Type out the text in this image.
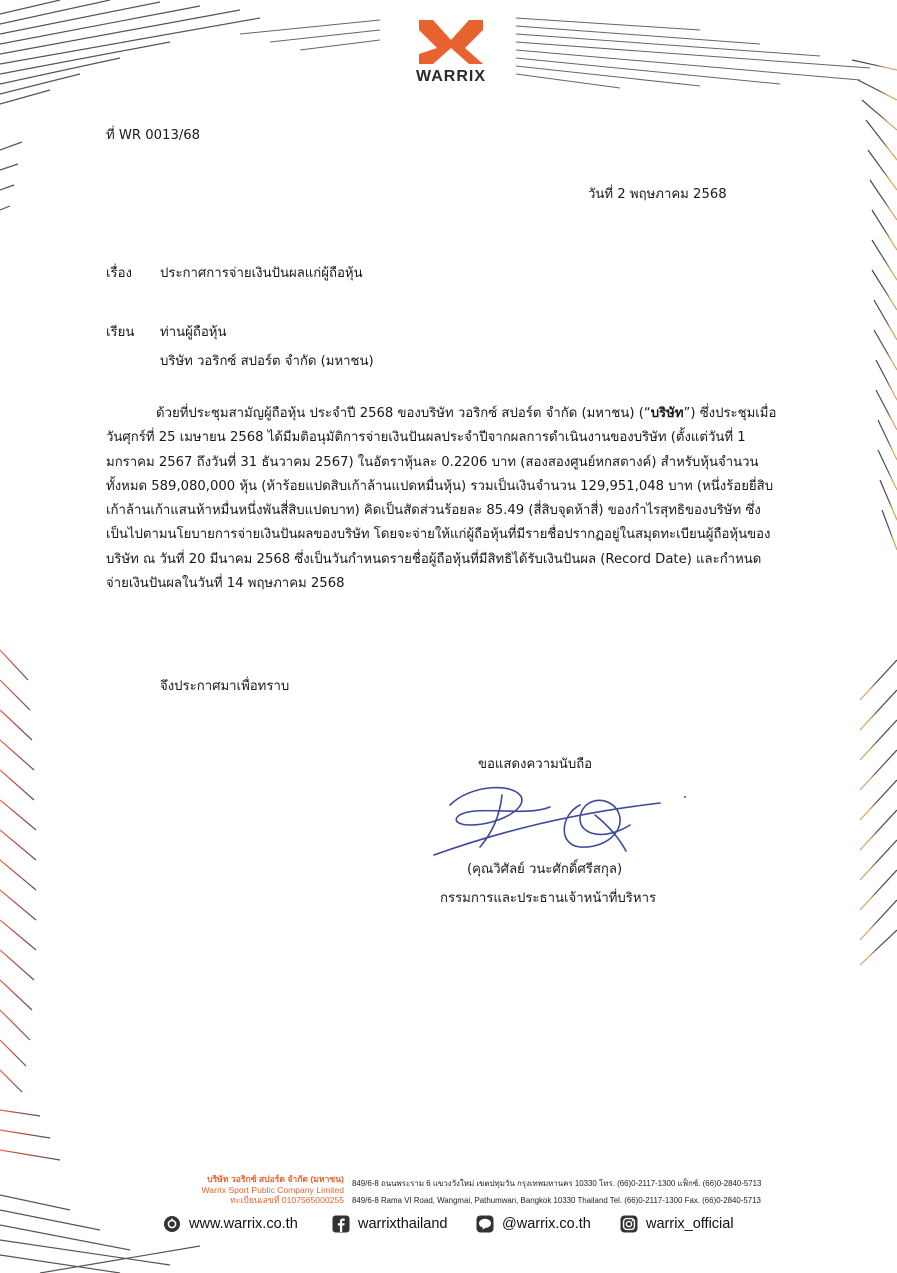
WARRIX
ที่ WR 0013/68
วันที่ 2 พฤษภาคม 2568
เรื่อง ประกาศการจ่ายเงินปันผลแก่ผู้ถือหุ้น
เรียน ท่านผู้ถือหุ้น
บริษัท วอริกซ์ สปอร์ต จำกัด (มหาชน)
ด้วยที่ประชุมสามัญผู้ถือหุ้น ประจำปี 2568 ของบริษัท วอริกซ์ สปอร์ต จำกัด (มหาชน) (“บริษัท”) ซึ่งประชุมเมื่อ
วันศุกร์ที่ 25 เมษายน 2568 ได้มีมติอนุมัติการจ่ายเงินปันผลประจำปีจากผลการดำเนินงานของบริษัท (ตั้งแต่วันที่ 1
มกราคม 2567 ถึงวันที่ 31 ธันวาคม 2567) ในอัตราหุ้นละ 0.2206 บาท (สองสองศูนย์หกสตางค์) สำหรับหุ้นจำนวน
ทั้งหมด 589,080,000 หุ้น (ห้าร้อยแปดสิบเก้าล้านแปดหมื่นหุ้น) รวมเป็นเงินจำนวน 129,951,048 บาท (หนึ่งร้อยยี่สิบ
เก้าล้านเก้าแสนห้าหมื่นหนึ่งพันสี่สิบแปดบาท) คิดเป็นสัดส่วนร้อยละ 85.49 (สี่สิบจุดห้าสี่) ของกำไรสุทธิของบริษัท ซึ่ง
เป็นไปตามนโยบายการจ่ายเงินปันผลของบริษัท โดยจะจ่ายให้แก่ผู้ถือหุ้นที่มีรายชื่อปรากฏอยู่ในสมุดทะเบียนผู้ถือหุ้นของ
บริษัท ณ วันที่ 20 มีนาคม 2568 ซึ่งเป็นวันกำหนดรายชื่อผู้ถือหุ้นที่มีสิทธิได้รับเงินปันผล (Record Date) และกำหนด
จ่ายเงินปันผลในวันที่ 14 พฤษภาคม 2568
จึงประกาศมาเพื่อทราบ
ขอแสดงความนับถือ
(คุณวิศัลย์ วนะศักดิ์ศรีสกุล)
กรรมการและประธานเจ้าหน้าที่บริหาร
บริษัท วอริกซ์ สปอร์ต จำกัด (มหาชน)
Warrix Sport Public Company Limited
ทะเบียนเลขที่ 0107565000255
849/6-8 ถนนพระราม 6 แขวงวังใหม่ เขตปทุมวัน กรุงเทพมหานคร 10330 โทร. (66)0-2117-1300 แฟ็กซ์. (66)0-2840-5713
849/6-8 Rama VI Road, Wangmai, Pathumwan, Bangkok 10330 Thailand Tel. (66)0-2117-1300 Fax. (66)0-2840-5713
www.warrix.co.th	warrixthailand	@warrix.co.th	warrix_official
